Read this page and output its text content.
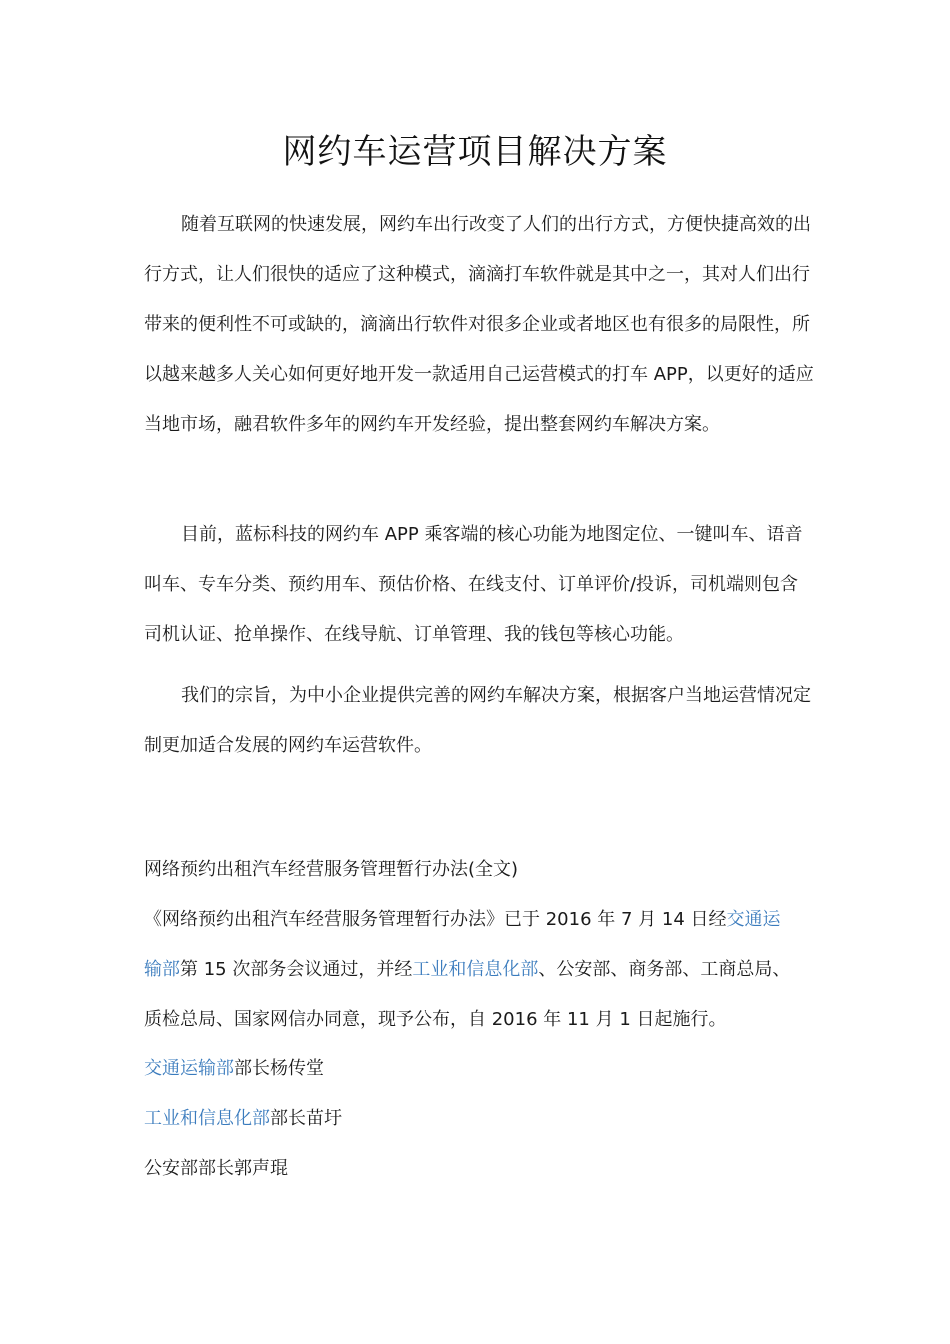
网约车运营项目解决方案

随着互联网的快速发展，网约车出行改变了人们的出行方式，方便快捷高效的出行方式，让人们很快的适应了这种模式，滴滴打车软件就是其中之一，其对人们出行带来的便利性不可或缺的，滴滴出行软件对很多企业或者地区也有很多的局限性，所以越来越多人关心如何更好地开发一款适用自己运营模式的打车 APP，以更好的适应当地市场，融君软件多年的网约车开发经验，提出整套网约车解决方案。

目前，蓝标科技的网约车 APP 乘客端的核心功能为地图定位、一键叫车、语音叫车、专车分类、预约用车、预估价格、在线支付、订单评价/投诉，司机端则包含司机认证、抢单操作、在线导航、订单管理、我的钱包等核心功能。

我们的宗旨，为中小企业提供完善的网约车解决方案，根据客户当地运营情况定制更加适合发展的网约车运营软件。

网络预约出租汽车经营服务管理暂行办法(全文)

《网络预约出租汽车经营服务管理暂行办法》已于 2016 年 7 月 14 日经交通运

输部第 15 次部务会议通过，并经工业和信息化部、公安部、商务部、工商总局、

质检总局、国家网信办同意，现予公布，自 2016 年 11 月 1 日起施行。

交通运输部部长杨传堂

工业和信息化部部长苗圩

公安部部长郭声琨
